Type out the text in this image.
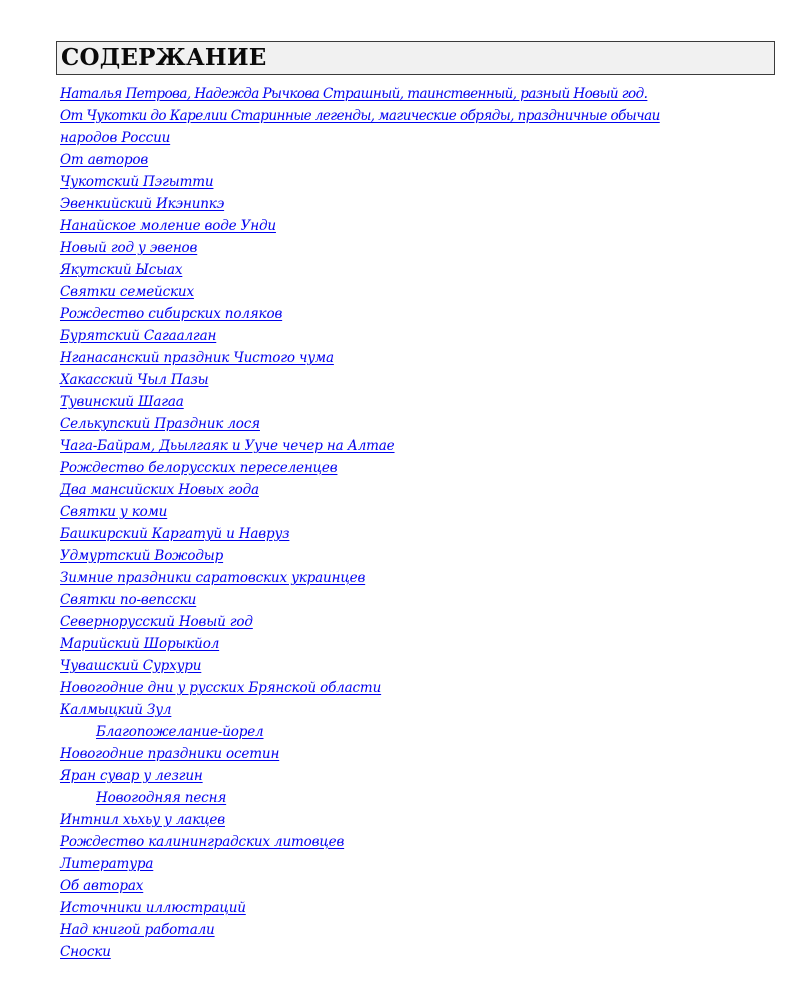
СОДЕРЖАНИЕ
Наталья Петрова, Надежда Рычкова Страшный, таинственный, разный Новый год.
От Чукотки до Карелии Старинные легенды, магические обряды, праздничные обычаи
народов России
От авторов
Чукотский Пэгытти
Эвенкийский Икэнипкэ
Нанайское моление воде Унди
Новый год у эвенов
Якутский Ысыах
Святки семейских
Рождество сибирских поляков
Бурятский Сагаалган
Нганасанский праздник Чистого чума
Хакасский Чыл Пазы
Тувинский Шагаа
Селькупский Праздник лося
Чага-Байрам, Дьылгаяк и Ууче чечер на Алтае
Рождество белорусских переселенцев
Два мансийских Новых года
Святки у коми
Башкирский Каргатуй и Навруз
Удмуртский Вожодыр
Зимние праздники саратовских украинцев
Святки по-вепсски
Севернорусский Новый год
Марийский Шорыкйол
Чувашский Сурхури
Новогодние дни у русских Брянской области
Калмыцкий Зул
Благопожелание-йорел
Новогодние праздники осетин
Яран сувар у лезгин
Новогодняя песня
Интнил хьхьу у лакцев
Рождество калининградских литовцев
Литература
Об авторах
Источники иллюстраций
Над книгой работали
Сноски
